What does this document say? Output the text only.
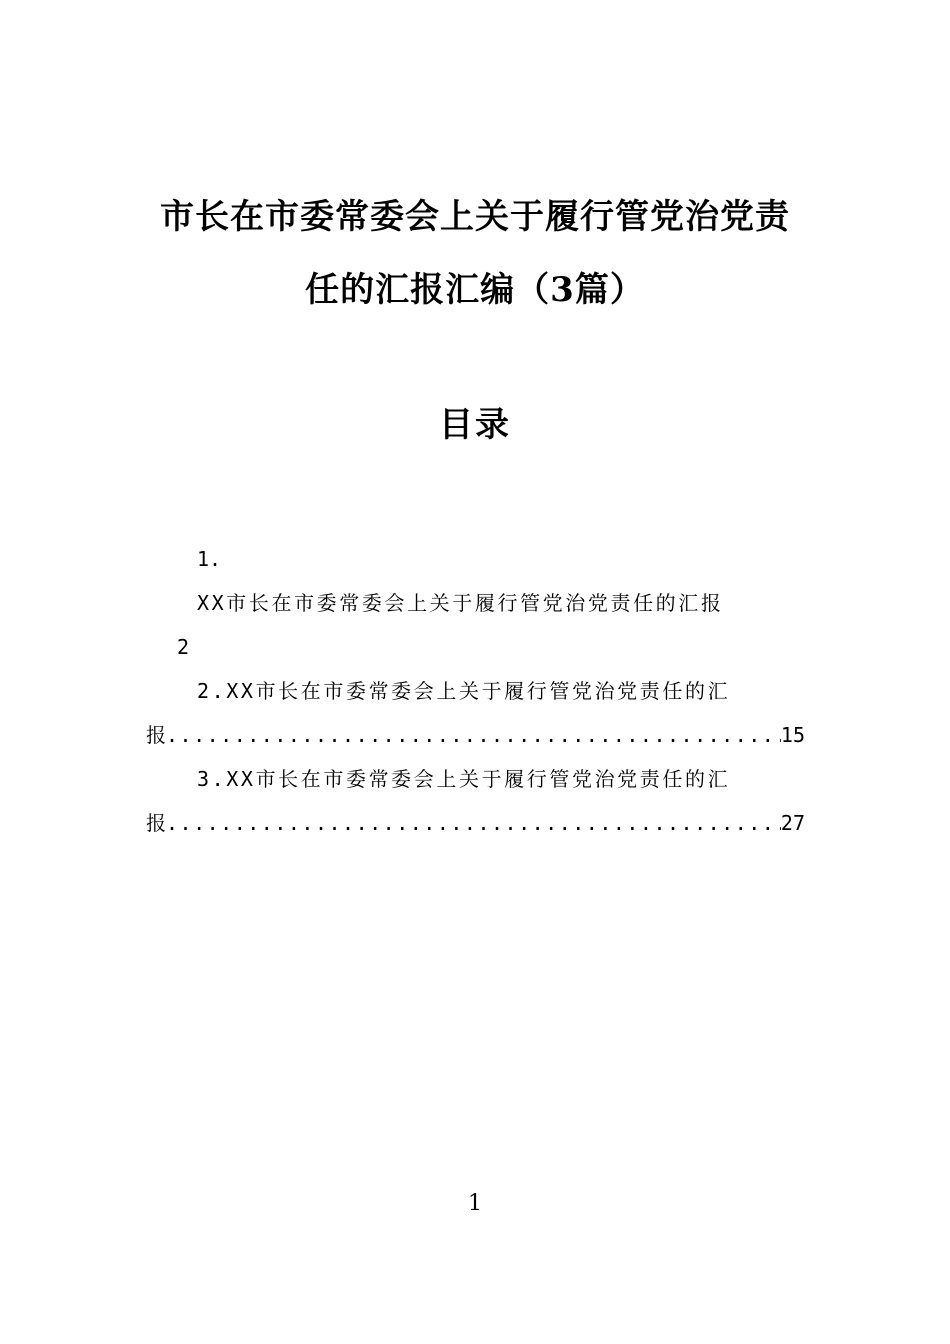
市长在市委常委会上关于履行管党治党责
任的汇报汇编（3篇）
目录
1.
XX市长在市委常委会上关于履行管党治党责任的汇报
2
2.XX市长在市委常委会上关于履行管党治党责任的汇
报 .....	15
3.XX市长在市委常委会上关于履行管党治党责任的汇
报 .....	27
1
